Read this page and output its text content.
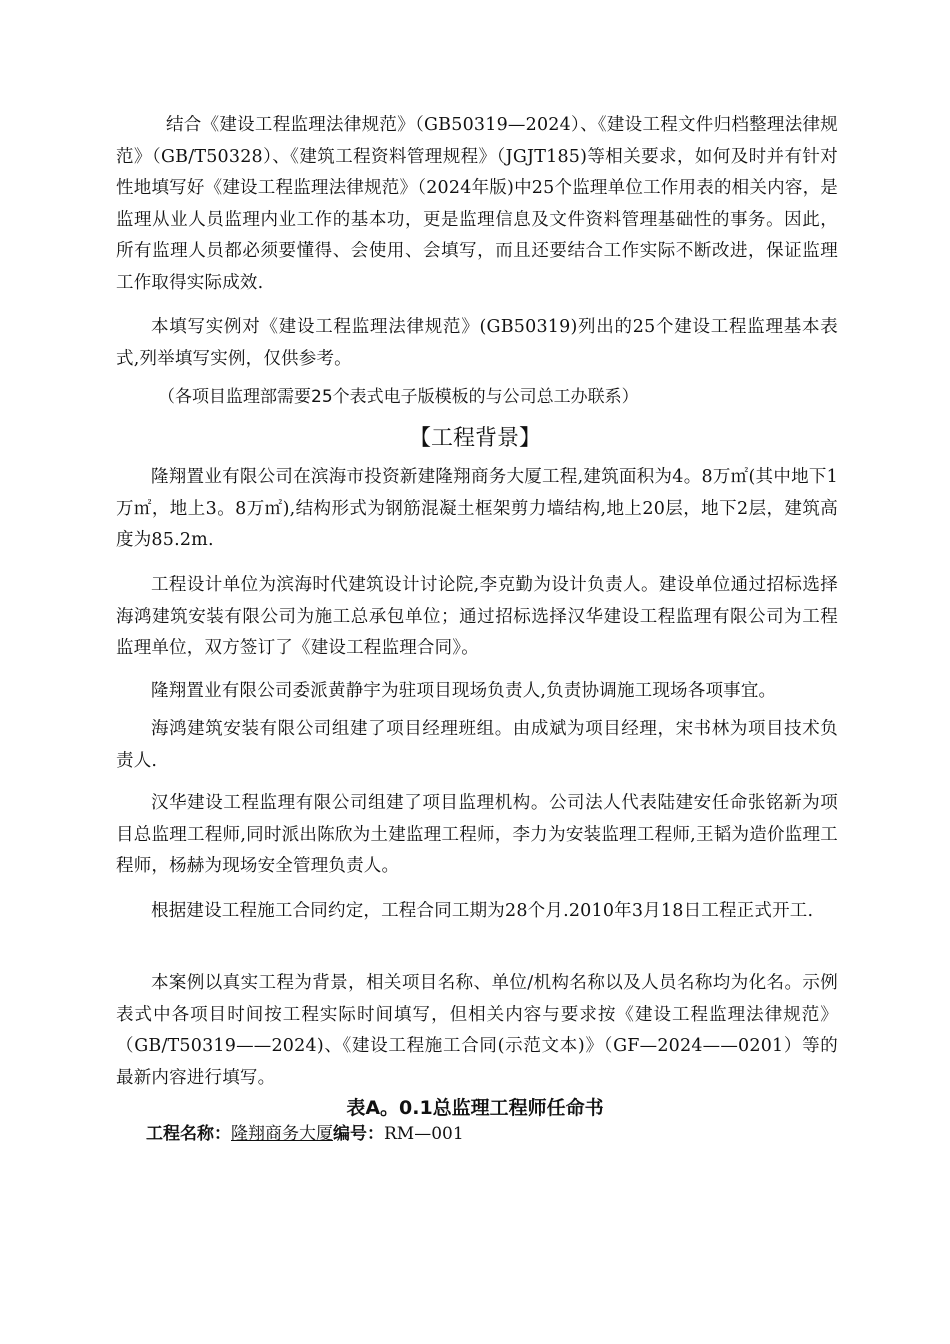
结合《建设工程监理法律规范》（GB50319—2024）、《建设工程文件归档整理法律规范》（GB/T50328）、《建筑工程资料管理规程》（JGJT185)等相关要求，如何及时并有针对性地填写好《建设工程监理法律规范》（2024年版)中25个监理单位工作用表的相关内容，是监理从业人员监理内业工作的基本功，更是监理信息及文件资料管理基础性的事务。因此，所有监理人员都必须要懂得、会使用、会填写，而且还要结合工作实际不断改进，保证监理工作取得实际成效.

本填写实例对《建设工程监理法律规范》(GB50319)列出的25个建设工程监理基本表式,列举填写实例，仅供参考。

（各项目监理部需要25个表式电子版模板的与公司总工办联系）

【工程背景】

隆翔置业有限公司在滨海市投资新建隆翔商务大厦工程,建筑面积为4。8万㎡(其中地下1万㎡，地上3。8万㎡),结构形式为钢筋混凝土框架剪力墙结构,地上20层，地下2层，建筑高度为85.2m.

工程设计单位为滨海时代建筑设计讨论院,李克勤为设计负责人。建设单位通过招标选择海鸿建筑安装有限公司为施工总承包单位；通过招标选择汉华建设工程监理有限公司为工程监理单位，双方签订了《建设工程监理合同》。

隆翔置业有限公司委派黄静宇为驻项目现场负责人,负责协调施工现场各项事宜。

海鸿建筑安装有限公司组建了项目经理班组。由成斌为项目经理，宋书林为项目技术负责人.

汉华建设工程监理有限公司组建了项目监理机构。公司法人代表陆建安任命张铭新为项目总监理工程师,同时派出陈欣为土建监理工程师，李力为安装监理工程师,王韬为造价监理工程师，杨赫为现场安全管理负责人。

根据建设工程施工合同约定，工程合同工期为28个月.2010年3月18日工程正式开工.

本案例以真实工程为背景，相关项目名称、单位/机构名称以及人员名称均为化名。示例表式中各项目时间按工程实际时间填写，但相关内容与要求按《建设工程监理法律规范》（GB/T50319——2024)、《建设工程施工合同(示范文本)》（GF—2024——0201）等的最新内容进行填写。

表A。0.1总监理工程师任命书
工程名称：隆翔商务大厦编号：RM—001
